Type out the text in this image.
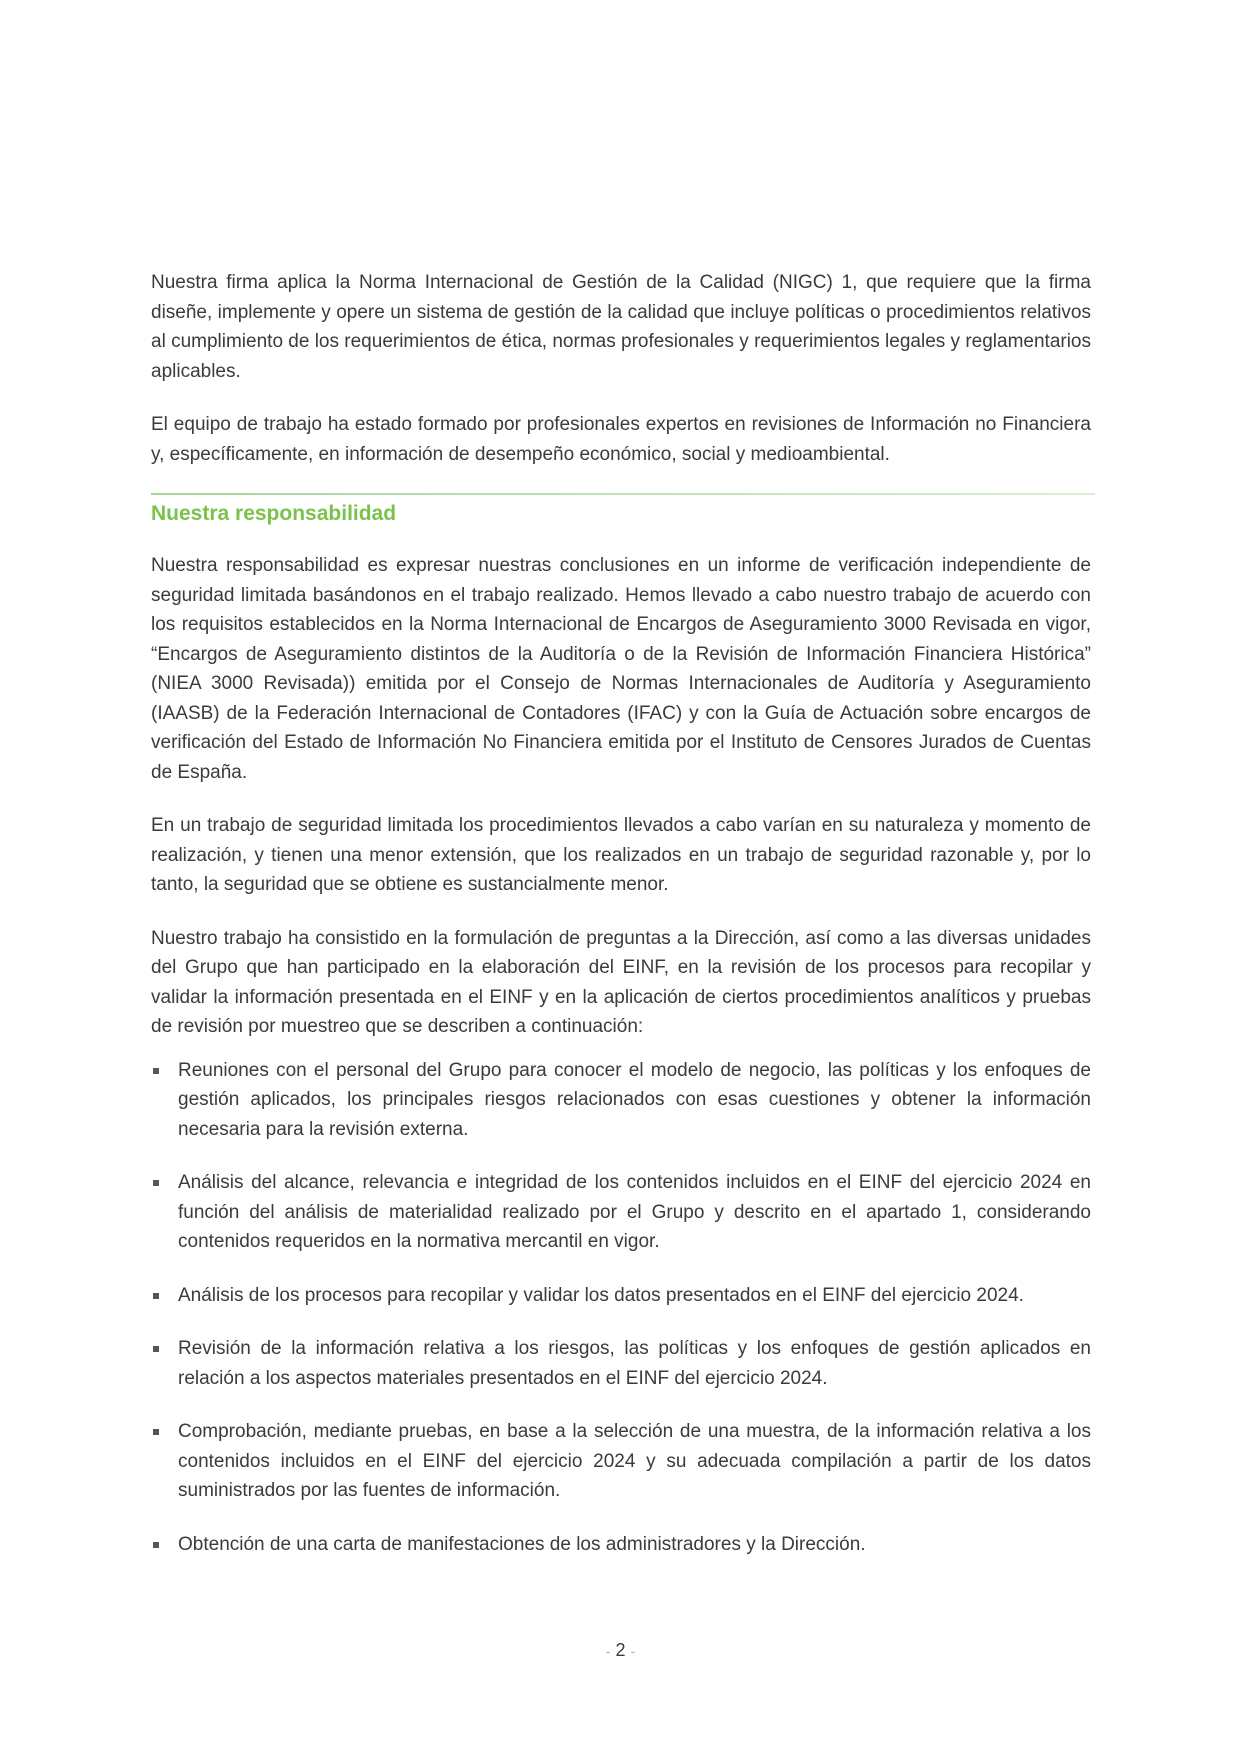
Nuestra firma aplica la Norma Internacional de Gestión de la Calidad (NIGC) 1, que requiere que la firma diseñe, implemente y opere un sistema de gestión de la calidad que incluye políticas o procedimientos relativos al cumplimiento de los requerimientos de ética, normas profesionales y requerimientos legales y reglamentarios aplicables.

El equipo de trabajo ha estado formado por profesionales expertos en revisiones de Información no Financiera y, específicamente, en información de desempeño económico, social y medioambiental.

Nuestra responsabilidad

Nuestra responsabilidad es expresar nuestras conclusiones en un informe de verificación independiente de seguridad limitada basándonos en el trabajo realizado. Hemos llevado a cabo nuestro trabajo de acuerdo con los requisitos establecidos en la Norma Internacional de Encargos de Aseguramiento 3000 Revisada en vigor, “Encargos de Aseguramiento distintos de la Auditoría o de la Revisión de Información Financiera Histórica” (NIEA 3000 Revisada)) emitida por el Consejo de Normas Internacionales de Auditoría y Aseguramiento (IAASB) de la Federación Internacional de Contadores (IFAC) y con la Guía de Actuación sobre encargos de verificación del Estado de Información No Financiera emitida por el Instituto de Censores Jurados de Cuentas de España.

En un trabajo de seguridad limitada los procedimientos llevados a cabo varían en su naturaleza y momento de realización, y tienen una menor extensión, que los realizados en un trabajo de seguridad razonable y, por lo tanto, la seguridad que se obtiene es sustancialmente menor.

Nuestro trabajo ha consistido en la formulación de preguntas a la Dirección, así como a las diversas unidades del Grupo que han participado en la elaboración del EINF, en la revisión de los procesos para recopilar y validar la información presentada en el EINF y en la aplicación de ciertos procedimientos analíticos y pruebas de revisión por muestreo que se describen a continuación:

Reuniones con el personal del Grupo para conocer el modelo de negocio, las políticas y los enfoques de gestión aplicados, los principales riesgos relacionados con esas cuestiones y obtener la información necesaria para la revisión externa.
Análisis del alcance, relevancia e integridad de los contenidos incluidos en el EINF del ejercicio 2024 en función del análisis de materialidad realizado por el Grupo y descrito en el apartado 1, considerando contenidos requeridos en la normativa mercantil en vigor.
Análisis de los procesos para recopilar y validar los datos presentados en el EINF del ejercicio 2024.
Revisión de la información relativa a los riesgos, las políticas y los enfoques de gestión aplicados en relación a los aspectos materiales presentados en el EINF del ejercicio 2024.
Comprobación, mediante pruebas, en base a la selección de una muestra, de la información relativa a los contenidos incluidos en el EINF del ejercicio 2024 y su adecuada compilación a partir de los datos suministrados por las fuentes de información.
Obtención de una carta de manifestaciones de los administradores y la Dirección.
- 2 -
